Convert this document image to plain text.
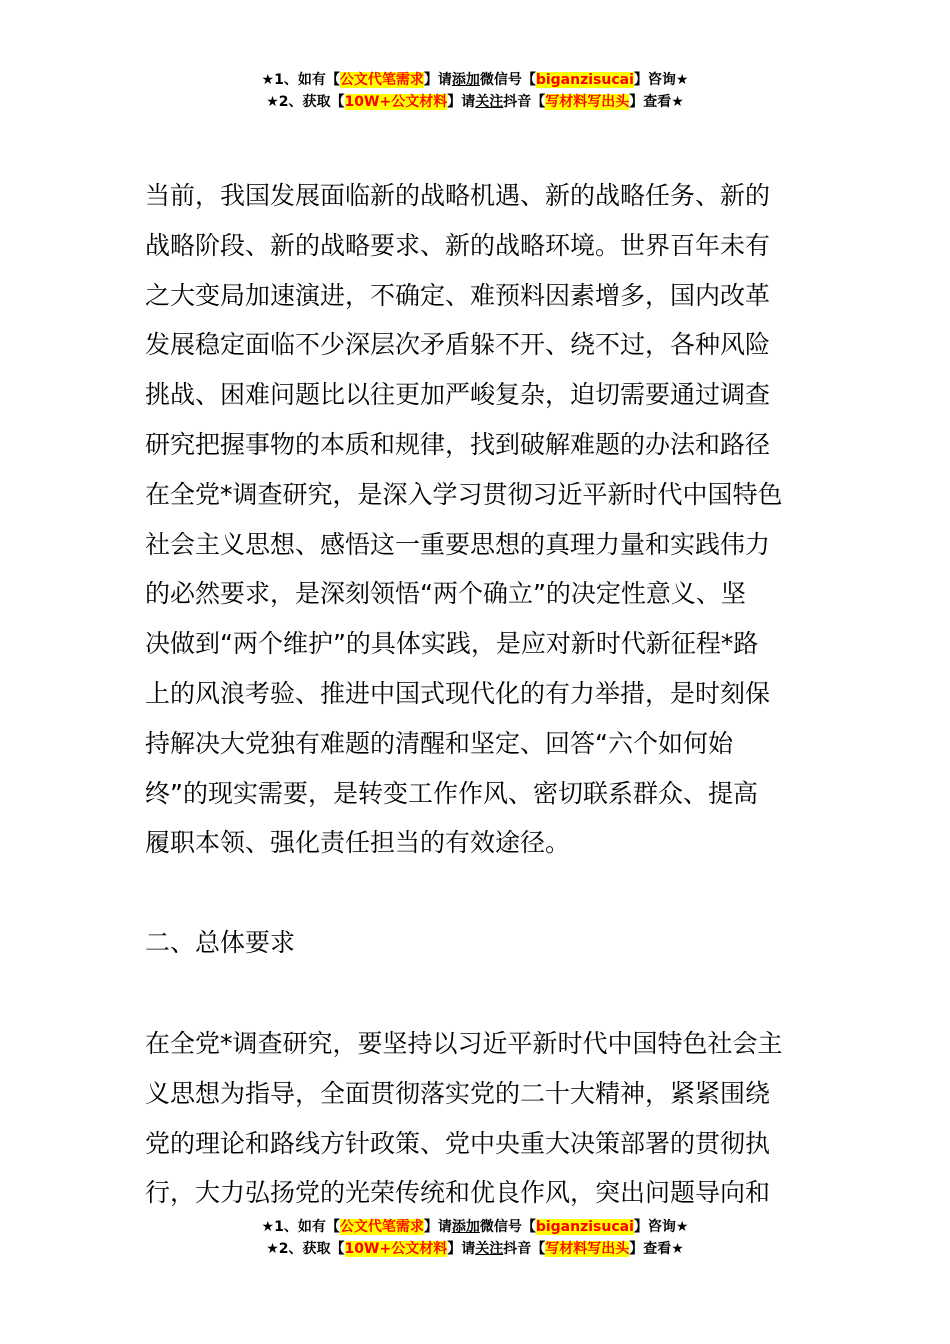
★1、如有【公文代笔需求】请添加微信号【biganzisucai】咨询★
★2、获取【10W+公文材料】请关注抖音【写材料写出头】查看★

当前，我国发展面临新的战略机遇、新的战略任务、新的

战略阶段、新的战略要求、新的战略环境。世界百年未有

之大变局加速演进，不确定、难预料因素增多，国内改革

发展稳定面临不少深层次矛盾躲不开、绕不过，各种风险

挑战、困难问题比以往更加严峻复杂，迫切需要通过调查

研究把握事物的本质和规律，找到破解难题的办法和路径

在全党*调查研究，是深入学习贯彻习近平新时代中国特色

社会主义思想、感悟这一重要思想的真理力量和实践伟力

的必然要求，是深刻领悟“两个确立”的决定性意义、坚

决做到“两个维护”的具体实践，是应对新时代新征程*路

上的风浪考验、推进中国式现代化的有力举措，是时刻保

持解决大党独有难题的清醒和坚定、回答“六个如何始

终”的现实需要，是转变工作作风、密切联系群众、提高

履职本领、强化责任担当的有效途径。

二、总体要求

在全党*调查研究，要坚持以习近平新时代中国特色社会主

义思想为指导，全面贯彻落实党的二十大精神，紧紧围绕

党的理论和路线方针政策、党中央重大决策部署的贯彻执

行，大力弘扬党的光荣传统和优良作风，突出问题导向和

★1、如有【公文代笔需求】请添加微信号【biganzisucai】咨询★
★2、获取【10W+公文材料】请关注抖音【写材料写出头】查看★
